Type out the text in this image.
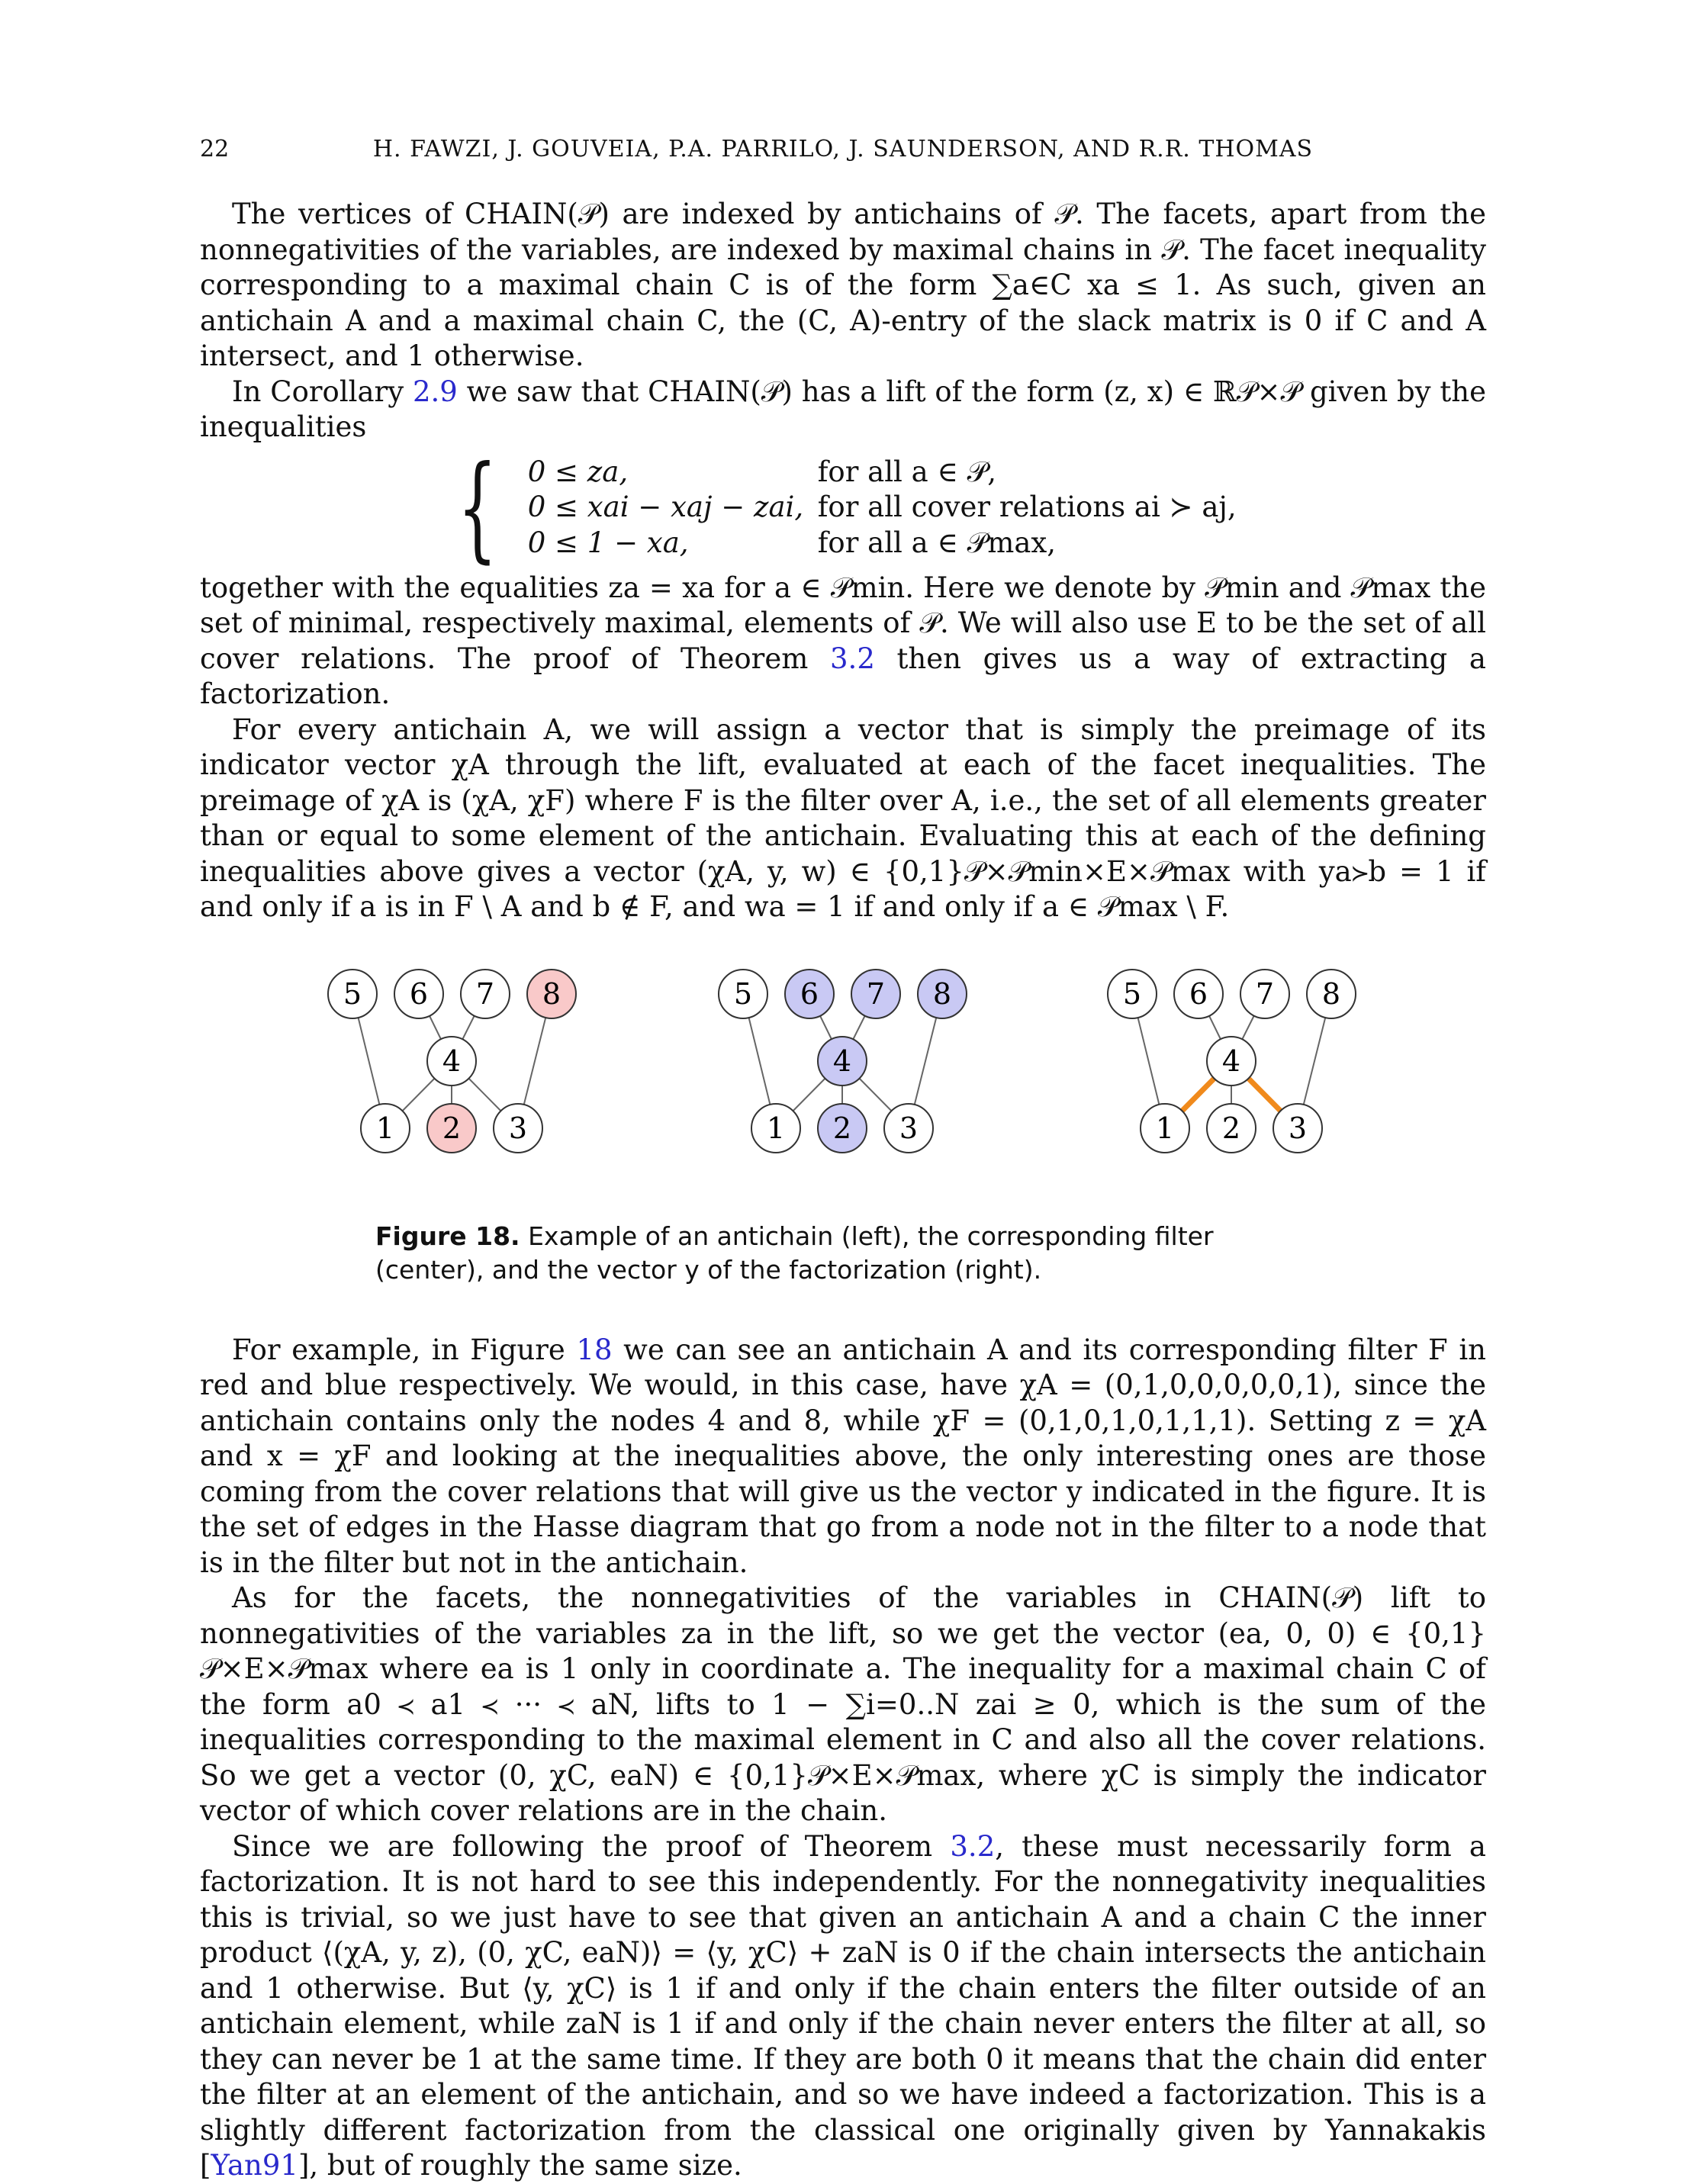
22	H. FAWZI, J. GOUVEIA, P.A. PARRILO, J. SAUNDERSON, AND R.R. THOMAS

The vertices of CHAIN(𝒫) are indexed by antichains of 𝒫. The facets, apart from the nonnegativities of the variables, are indexed by maximal chains in 𝒫. The facet inequality corresponding to a maximal chain C is of the form ∑a∈C xa ≤ 1. As such, given an antichain A and a maximal chain C, the (C, A)-entry of the slack matrix is 0 if C and A intersect, and 1 otherwise.

In Corollary 2.9 we saw that CHAIN(𝒫) has a lift of the form (z, x) ∈ ℝ𝒫×𝒫 given by the inequalities

{ 0 ≤ za,	for all a ∈ 𝒫,
0 ≤ xai − xaj − zai, for all cover relations ai ≻ aj,
0 ≤ 1 − xa,	for all a ∈ 𝒫max,

together with the equalities za = xa for a ∈ 𝒫min. Here we denote by 𝒫min and 𝒫max the set of minimal, respectively maximal, elements of 𝒫. We will also use E to be the set of all cover relations. The proof of Theorem 3.2 then gives us a way of extracting a factorization.

For every antichain A, we will assign a vector that is simply the preimage of its indicator vector χA through the lift, evaluated at each of the facet inequalities. The preimage of χA is (χA, χF) where F is the filter over A, i.e., the set of all elements greater than or equal to some element of the antichain. Evaluating this at each of the defining inequalities above gives a vector (χA, y, w) ∈ {0,1}𝒫×𝒫min×E×𝒫max with ya≻b = 1 if and only if a is in F \ A and b ∉ F, and wa = 1 if and only if a ∈ 𝒫max \ F.

1 2 3
4
5 6 7 8
1 2 3
4
5 6 7 8
1 2 3
4
5 6 7 8
Figure 18. Example of an antichain (left), the corresponding filter (center), and the vector y of the factorization (right).

For example, in Figure 18 we can see an antichain A and its corresponding filter F in red and blue respectively. We would, in this case, have χA = (0,1,0,0,0,0,0,1), since the antichain contains only the nodes 4 and 8, while χF = (0,1,0,1,0,1,1,1). Setting z = χA and x = χF and looking at the inequalities above, the only interesting ones are those coming from the cover relations that will give us the vector y indicated in the figure. It is the set of edges in the Hasse diagram that go from a node not in the filter to a node that is in the filter but not in the antichain.

As for the facets, the nonnegativities of the variables in CHAIN(𝒫) lift to nonnegativities of the variables za in the lift, so we get the vector (ea, 0, 0) ∈ {0,1}𝒫×E×𝒫max where ea is 1 only in coordinate a. The inequality for a maximal chain C of the form a0 ≺ a1 ≺ ··· ≺ aN, lifts to 1 − ∑i=0..N zai ≥ 0, which is the sum of the inequalities corresponding to the maximal element in C and also all the cover relations. So we get a vector (0, χC, eaN) ∈ {0,1}𝒫×E×𝒫max, where χC is simply the indicator vector of which cover relations are in the chain.

Since we are following the proof of Theorem 3.2, these must necessarily form a factorization. It is not hard to see this independently. For the nonnegativity inequalities this is trivial, so we just have to see that given an antichain A and a chain C the inner product ⟨(χA, y, z), (0, χC, eaN)⟩ = ⟨y, χC⟩ + zaN is 0 if the chain intersects the antichain and 1 otherwise. But ⟨y, χC⟩ is 1 if and only if the chain enters the filter outside of an antichain element, while zaN is 1 if and only if the chain never enters the filter at all, so they can never be 1 at the same time. If they are both 0 it means that the chain did enter the filter at an element of the antichain, and so we have indeed a factorization. This is a slightly different factorization from the classical one originally given by Yannakakis [Yan91], but of roughly the same size.
